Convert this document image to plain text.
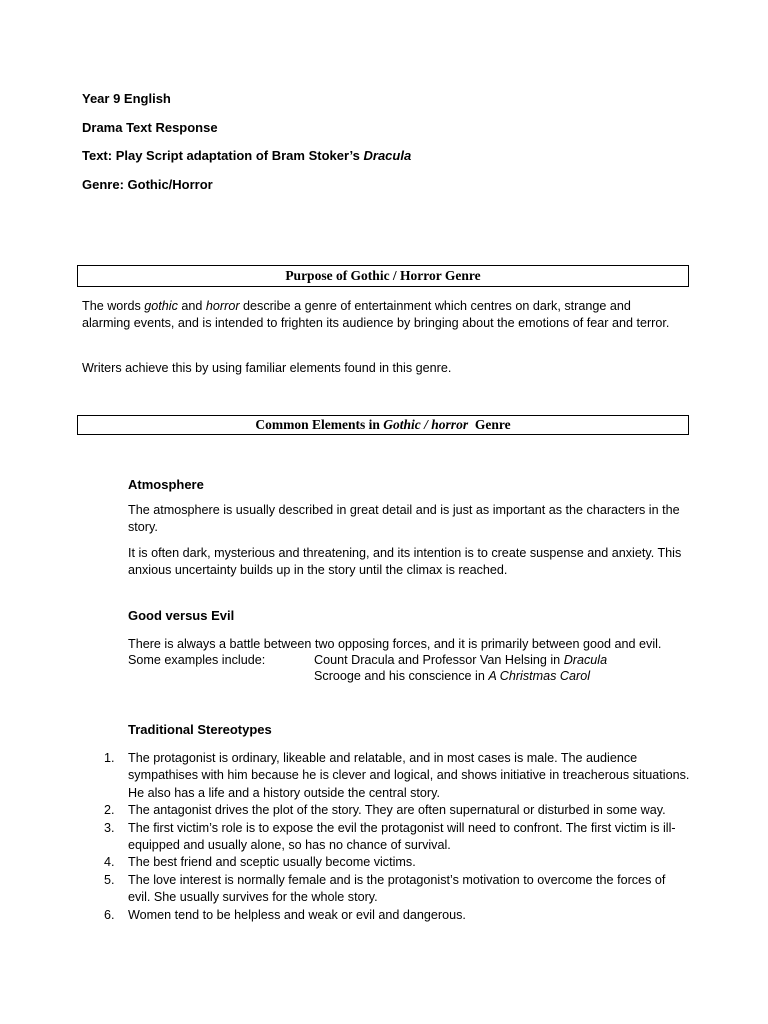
Year 9 English

Drama Text Response

Text: Play Script adaptation of Bram Stoker’s Dracula

Genre: Gothic/Horror

Purpose of Gothic / Horror Genre

The words gothic and horror describe a genre of entertainment which centres on dark, strange and alarming events, and is intended to frighten its audience by bringing about the emotions of fear and terror.

Writers achieve this by using familiar elements found in this genre.

Common Elements in Gothic / horror  Genre

Atmosphere

The atmosphere is usually described in great detail and is just as important as the characters in the story.

It is often dark, mysterious and threatening, and its intention is to create suspense and anxiety. This anxious uncertainty builds up in the story until the climax is reached.

Good versus Evil

There is always a battle between two opposing forces, and it is primarily between good and evil.

Some examples include:	Count Dracula and Professor Van Helsing in Dracula

Scrooge and his conscience in A Christmas Carol

Traditional Stereotypes

1. The protagonist is ordinary, likeable and relatable, and in most cases is male. The audience sympathises with him because he is clever and logical, and shows initiative in treacherous situations. He also has a life and a history outside the central story.
2. The antagonist drives the plot of the story. They are often supernatural or disturbed in some way.
3. The first victim’s role is to expose the evil the protagonist will need to confront. The first victim is ill-equipped and usually alone, so has no chance of survival.
4. The best friend and sceptic usually become victims.
5. The love interest is normally female and is the protagonist’s motivation to overcome the forces of evil. She usually survives for the whole story.
6. Women tend to be helpless and weak or evil and dangerous.
